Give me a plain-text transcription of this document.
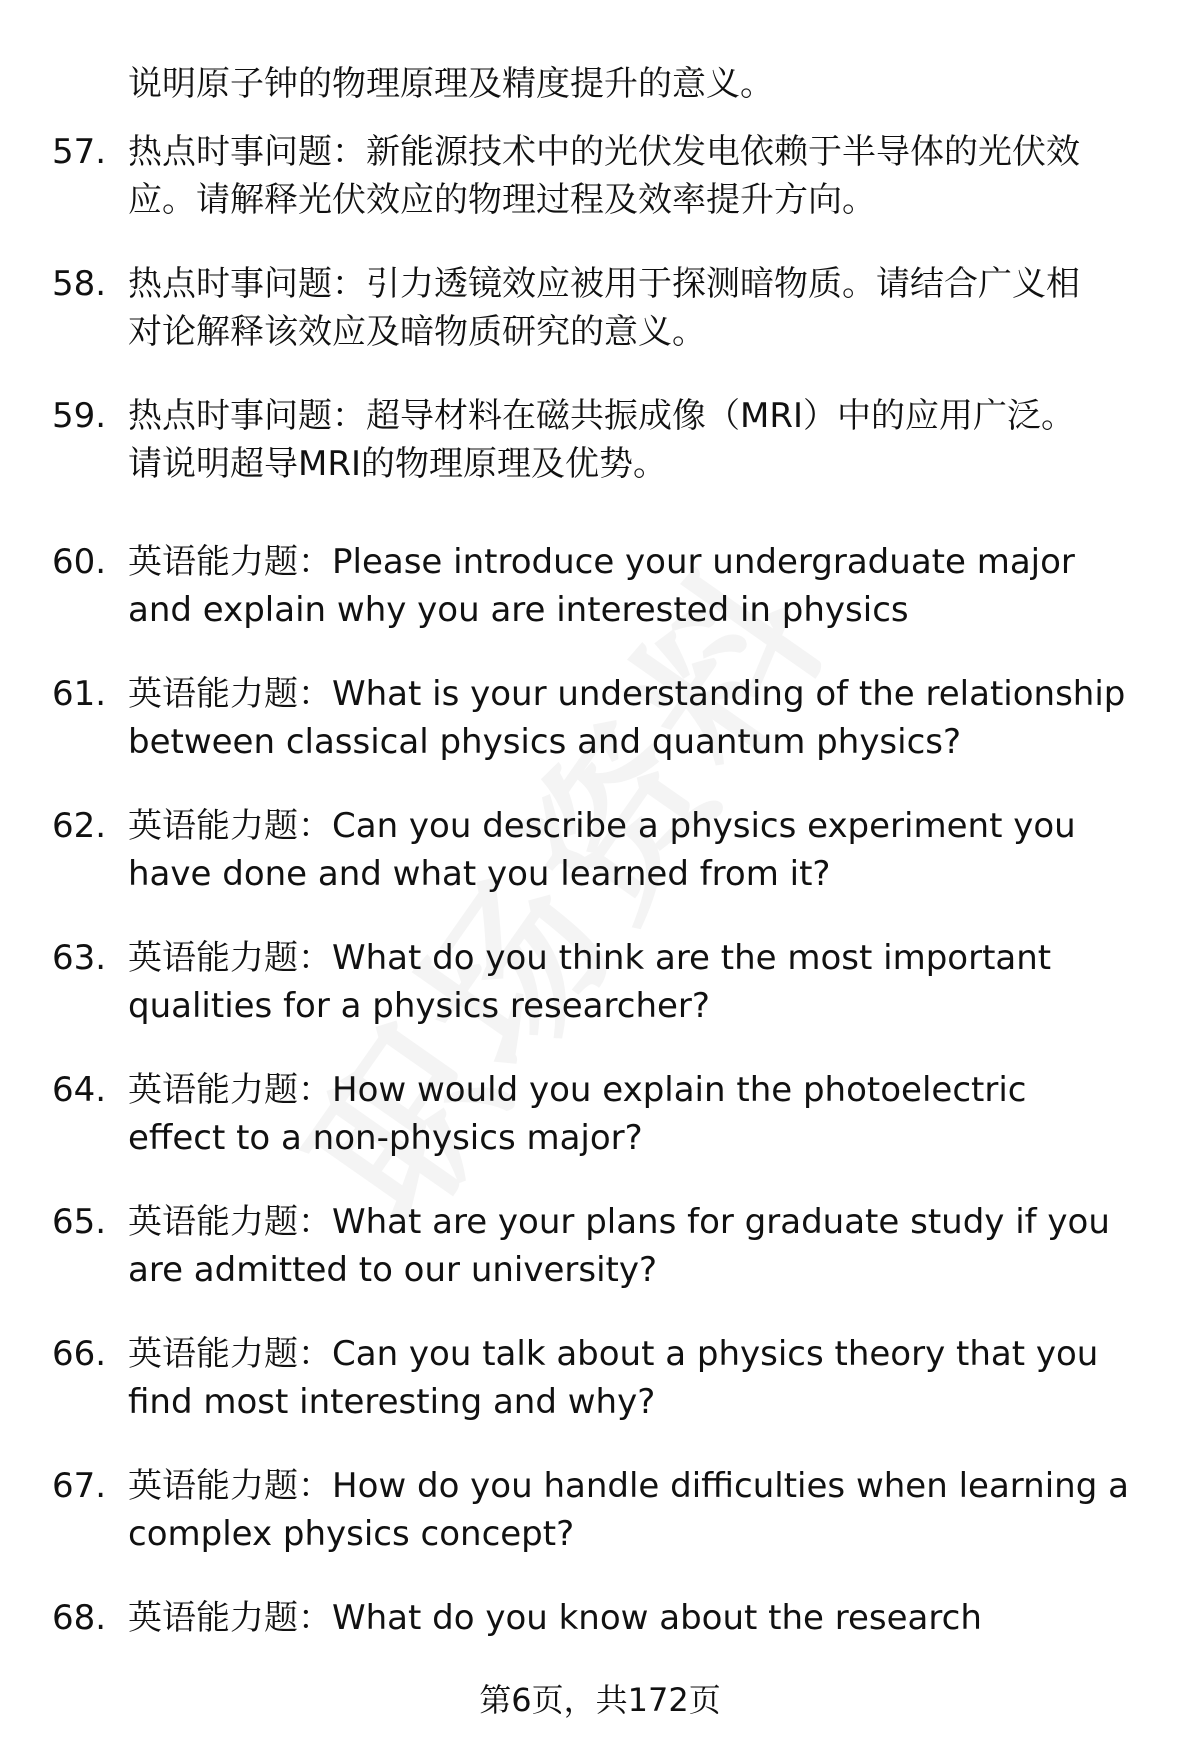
说明原子钟的物理原理及精度提升的意义。
57. 热点时事问题：新能源技术中的光伏发电依赖于半导体的光伏效
应。请解释光伏效应的物理过程及效率提升方向。
58. 热点时事问题：引力透镜效应被用于探测暗物质。请结合广义相
对论解释该效应及暗物质研究的意义。
59. 热点时事问题：超导材料在磁共振成像（MRI）中的应用广泛。
请说明超导MRI的物理原理及优势。
60. 英语能力题：Please introduce your undergraduate major
and explain why you are interested in physics
61. 英语能力题：What is your understanding of the relationship
between classical physics and quantum physics?
62. 英语能力题：Can you describe a physics experiment you
have done and what you learned from it?
63. 英语能力题：What do you think are the most important
qualities for a physics researcher?
64. 英语能力题：How would you explain the photoelectric
effect to a non-physics major?
65. 英语能力题：What are your plans for graduate study if you
are admitted to our university?
66. 英语能力题：Can you talk about a physics theory that you
find most interesting and why?
67. 英语能力题：How do you handle difficulties when learning a
complex physics concept?
68. 英语能力题：What do you know about the research
第6页，共172页
